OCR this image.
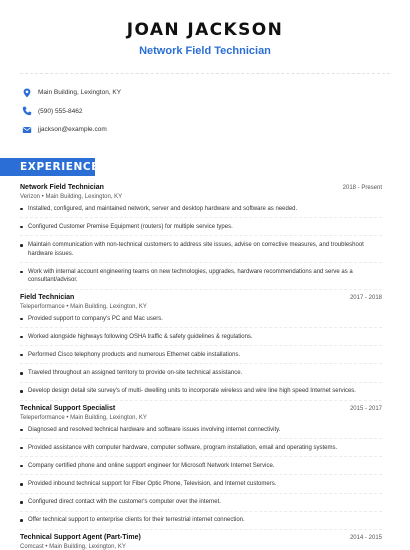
JOAN JACKSON
Network Field Technician
Main Building, Lexington, KY
(590) 555-8462
jjackson@example.com
EXPERIENCE
Network Field Technician	2018 - Present
Verizon • Main Building, Lexington, KY
Installed, configured, and maintained network, server and desktop hardware and software as needed.
Configured Customer Premise Equipment (routers) for multiple service types.
Maintain communication with non-technical customers to address site issues, advise on corrective measures, and troubleshoot hardware issues.
Work with internal account engineering teams on new technologies, upgrades, hardware recommendations and serve as a consultant/advisor.
Field Technician	2017 - 2018
Teleperformance • Main Building, Lexington, KY
Provided support to company's PC and Mac users.
Worked alongside highways following OSHA traffic & safety guidelines & regulations.
Performed Cisco telephony products and numerous Ethernet cable installations.
Traveled throughout an assigned territory to provide on-site technical assistance.
Develop design detail site survey's of multi- dwelling units to incorporate wireless and wire line high speed Internet services.
Technical Support Specialist	2015 - 2017
Teleperformance • Main Building, Lexington, KY
Diagnosed and resolved technical hardware and software issues involving internet connectivity.
Provided assistance with computer hardware, computer software, program installation, email and operating systems.
Company certified phone and online support engineer for Microsoft Network Internet Service.
Provided inbound technical support for Fiber Optic Phone, Television, and Internet customers.
Configured direct contact with the customer's computer over the internet.
Offer technical support to enterprise clients for their terrestrial internet connection.
Technical Support Agent (Part-Time)	2014 - 2015
Comcast • Main Building, Lexington, KY
